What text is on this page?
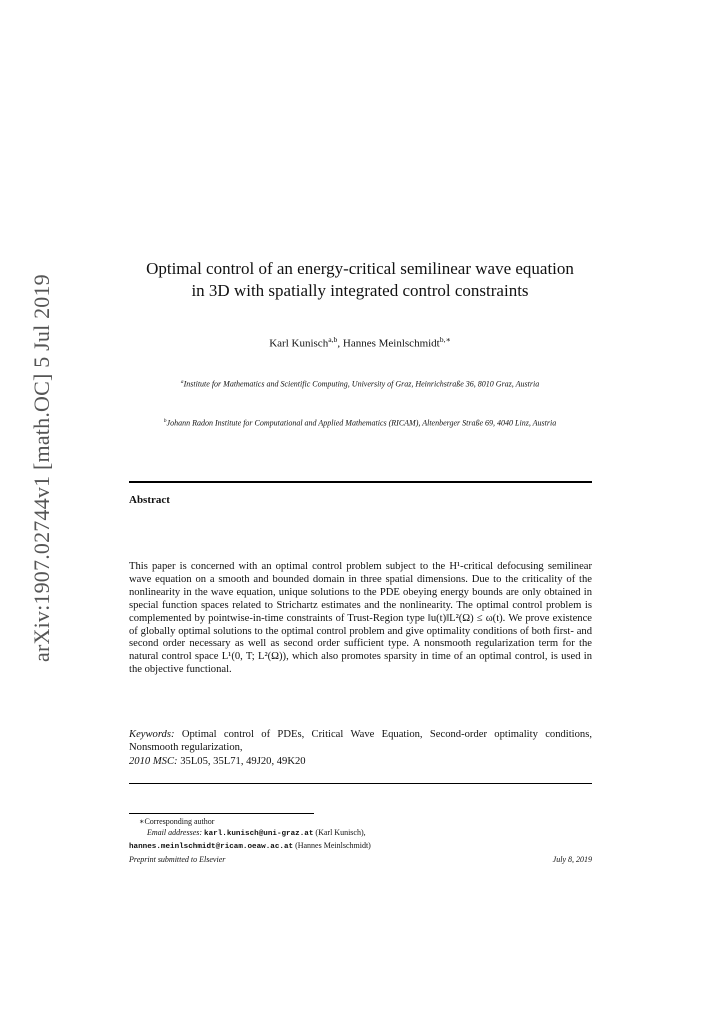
arXiv:1907.02744v1 [math.OC] 5 Jul 2019
Optimal control of an energy-critical semilinear wave equation
in 3D with spatially integrated control constraints
Karl Kunisch$^{a,b}$, Hannes Meinlschmidt$^{b,∗}$
$^a$Institute for Mathematics and Scientific Computing, University of Graz, Heinrichstraße 36, 8010 Graz, Austria
$^b$Johann Radon Institute for Computational and Applied Mathematics (RICAM), Altenberger Straße 69, 4040 Linz, Austria
Abstract
This paper is concerned with an optimal control problem subject to the H¹-critical defocusing semilinear wave equation on a smooth and bounded domain in three spatial dimensions. Due to the criticality of the nonlinearity in the wave equation, unique solutions to the PDE obeying energy bounds are only obtained in special function spaces related to Strichartz estimates and the nonlinearity. The optimal control problem is complemented by pointwise-in-time constraints of Trust-Region type ‖u(t)‖L²(Ω) ≤ ω(t). We prove existence of globally optimal solutions to the optimal control problem and give optimality conditions of both first- and second order necessary as well as second order sufficient type. A nonsmooth regularization term for the natural control space L¹(0, T; L²(Ω)), which also promotes sparsity in time of an optimal control, is used in the objective functional.
Keywords: Optimal control of PDEs, Critical Wave Equation, Second-order optimality conditions, Nonsmooth regularization,
2010 MSC: 35L05, 35L71, 49J20, 49K20
∗Corresponding author
Email addresses: karl.kunisch@uni-graz.at (Karl Kunisch),
hannes.meinlschmidt@ricam.oeaw.ac.at (Hannes Meinlschmidt)
Preprint submitted to Elsevier	July 8, 2019
